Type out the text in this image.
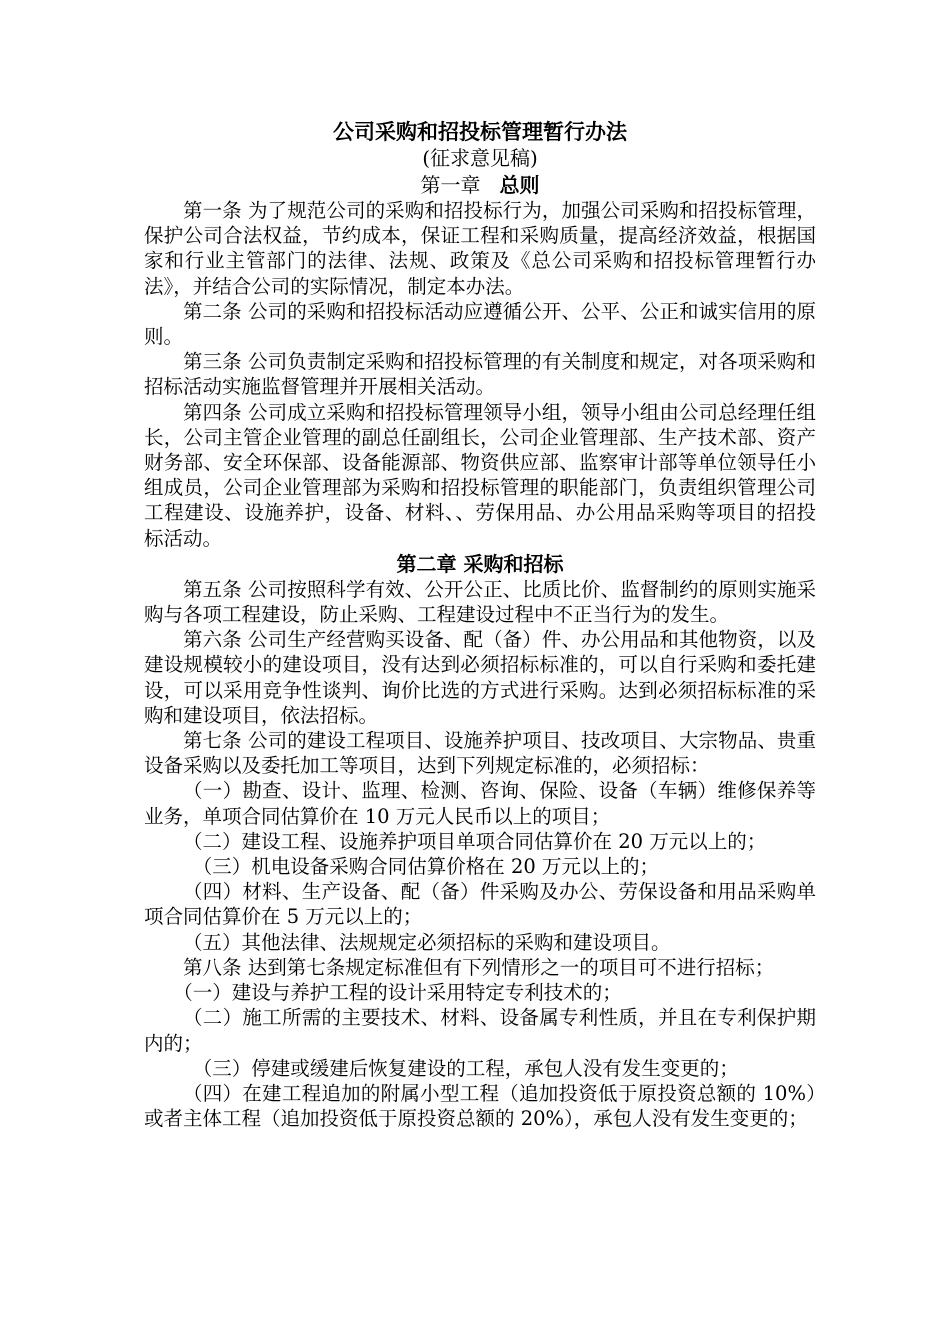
公司采购和招投标管理暂行办法

(征求意见稿)

第一章 总则

第一条 为了规范公司的采购和招投标行为，加强公司采购和招投标管理，保护公司合法权益，节约成本，保证工程和采购质量，提高经济效益，根据国家和行业主管部门的法律、法规、政策及《总公司采购和招投标管理暂行办法》，并结合公司的实际情况，制定本办法。

第二条 公司的采购和招投标活动应遵循公开、公平、公正和诚实信用的原则。

第三条 公司负责制定采购和招投标管理的有关制度和规定，对各项采购和招标活动实施监督管理并开展相关活动。

第四条 公司成立采购和招投标管理领导小组，领导小组由公司总经理任组长，公司主管企业管理的副总任副组长，公司企业管理部、生产技术部、资产财务部、安全环保部、设备能源部、物资供应部、监察审计部等单位领导任小组成员，公司企业管理部为采购和招投标管理的职能部门，负责组织管理公司工程建设、设施养护，设备、材料、、劳保用品、办公用品采购等项目的招投标活动。

第二章 采购和招标

第五条 公司按照科学有效、公开公正、比质比价、监督制约的原则实施采购与各项工程建设，防止采购、工程建设过程中不正当行为的发生。

第六条 公司生产经营购买设备、配（备）件、办公用品和其他物资，以及建设规模较小的建设项目，没有达到必须招标标准的，可以自行采购和委托建设，可以采用竞争性谈判、询价比选的方式进行采购。达到必须招标标准的采购和建设项目，依法招标。

第七条 公司的建设工程项目、设施养护项目、技改项目、大宗物品、贵重设备采购以及委托加工等项目，达到下列规定标准的，必须招标：

（一）勘查、设计、监理、检测、咨询、保险、设备（车辆）维修保养等业务，单项合同估算价在 10 万元人民币以上的项目；

（二）建设工程、设施养护项目单项合同估算价在 20 万元以上的；

（三）机电设备采购合同估算价格在 20 万元以上的；

（四）材料、生产设备、配（备）件采购及办公、劳保设备和用品采购单项合同估算价在 5 万元以上的；

（五）其他法律、法规规定必须招标的采购和建设项目。

第八条 达到第七条规定标准但有下列情形之一的项目可不进行招标；

（一）建设与养护工程的设计采用特定专利技术的；

（二）施工所需的主要技术、材料、设备属专利性质，并且在专利保护期内的；

（三）停建或缓建后恢复建设的工程，承包人没有发生变更的；

（四）在建工程追加的附属小型工程（追加投资低于原投资总额的 10%）或者主体工程（追加投资低于原投资总额的 20%），承包人没有发生变更的；
